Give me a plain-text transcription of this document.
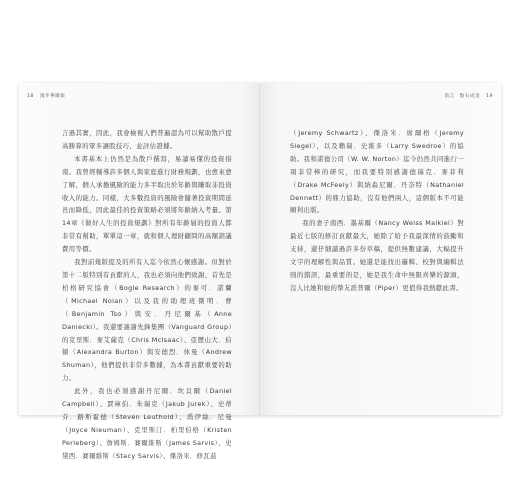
18 漫步華爾街

言過其實，因此，我會檢視人們普遍認為可以幫助散戶提高勝算的眾多讓股技巧，並評估證據。

本書基本上仍然是為散戶撰寫，易讀易懂的投資指南。我曾經輔導許多個人與家庭進行財務規劃，也愈來愈了解，個人承擔風險的能力多半取決於年齡與賺取非投資收入的能力。同樣，大多數投資的風險會隨著投資期間延長而降低，因此最佳的投資策略必須將年齡納入考量。第14章《做好人生的投資規劃》對所有年齡層的投資人都非常有幫助，單單這一章，就和個人理財顧問的高額諮議費用等價。

我對前幾版提及的所有人迄今依然心懷感謝。但對於第十二版特別有貢獻的人，我也必須向他們致謝，首先是柏格研究協會（Bogle Research）的麥可．諾蘭（Michael Nolan）以及我的助理班傑明．曹（Benjamin Tso）與安．丹尼爾基（Anne Daniecki）。我還要謝謝先鋒集團（Vanguard Group）的克里斯．麥艾薩克（Chris McIsaac）、亞歷山大．伯頓（Alexandra Burton）與安德烈．休曼（Andrew Shuman），他們提供非常多數據，為本書貢獻重要的助力。

此外，我也必須感謝丹尼爾．坎貝爾（Daniel Campbell）、賈庫伯．朱瑞克（Jakub Jurek）、史蒂芬．路斯霍德（Steven Leuthold）、喬伊絲．尼曼（Joyce Nieuman）、克里斯汀．柏里伯格（Kristen Perleberg）、詹姆斯．賽爾維斯（James Sarvis）、史黛西．賽爾維斯（Stacy Sarvis）、傑洛米．修瓦茲

前言　點石成金 19

（Jeremy Schwartz）、傑洛米．席爾格（Jeremy Siegel），以及賴瑞．史維多（Larry Swedroe）的協助。我和諾德公司（W. W. Norton）迄今仍然共同進行一項非常棒的研究，而我要特別感謝德瑞克．麥菲利（Drake McFeely）與納森尼爾．丹奈特（Nathaniel Dennett）的鼎力協助，沒有他們兩人，這個版本不可能順利出版。

我的妻子南西．墨基爾（Nancy Weiss Malkiel）對最近七版的修訂貢獻最大，她除了給予我最深情的鼓勵和支持，還仔細讀過許多份草稿，提供無數建議，大幅提升文字的理解性與品質。她還是能找出邏輯、校對與編輯法則的錯誤，最重要的是，她是我生命中無限喜樂的源頭，沒人比她和她的摯友派普爾（Piper）更值得我熱獻此書。
